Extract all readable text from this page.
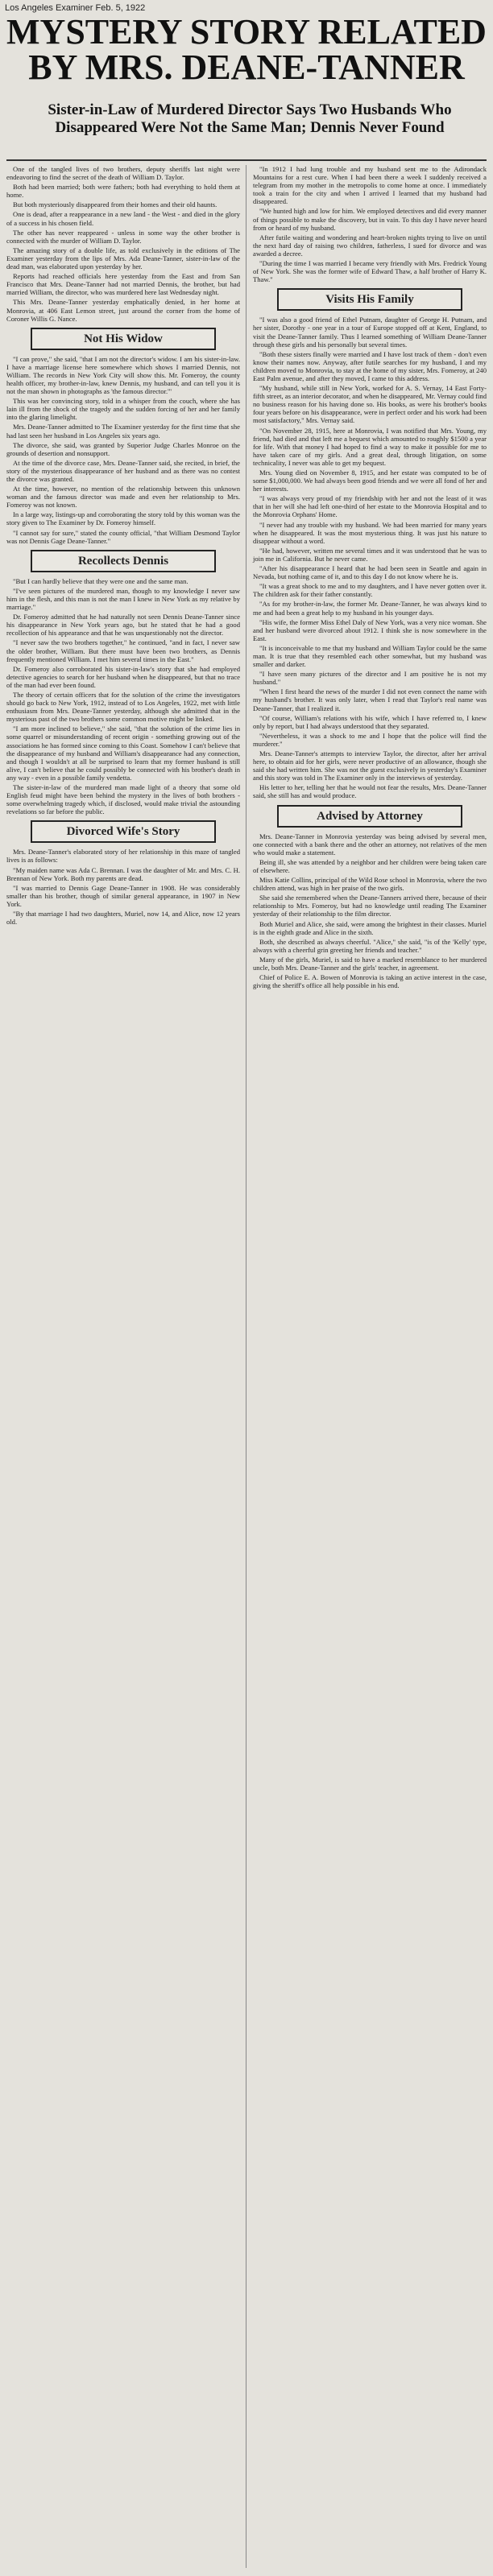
Los Angeles Examiner Feb. 5, 1922
MYSTERY STORY RELATED BY MRS. DEANE-TANNER
Sister-in-Law of Murdered Director Says Two Husbands Who Disappeared Were Not the Same Man; Dennis Never Found

One of the tangled lives of two brothers, deputy sheriffs last night were endeavoring to find the secret of the death of William D. Taylor.

Both had been married; both were fathers; both had everything to hold them at home.

But both mysteriously disappeared from their homes and their old haunts.

One is dead, after a reappearance in a new land - the West - and died in the glory of a success in his chosen field.

The other has never reappeared - unless in some way the other brother is connected with the murder of William D. Taylor.

The amazing story of a double life, as told exclusively in the editions of The Examiner yesterday from the lips of Mrs. Ada Deane-Tanner, sister-in-law of the dead man, was elaborated upon yesterday by her.

Reports had reached officials here yesterday from the East and from San Francisco that Mrs. Deane-Tanner had not married Dennis, the brother, but had married William, the director, who was murdered here last Wednesday night.

This Mrs. Deane-Tanner yesterday emphatically denied, in her home at Monrovia, at 406 East Lemon street, just around the corner from the home of Coroner Willis G. Nance.

Not His Widow

"I can prove," she said, "that I am not the director's widow. I am his sister-in-law. I have a marriage license here somewhere which shows I married Dennis, not William. The records in New York City will show this. Mr. Fomeroy, the county health officer, my brother-in-law, knew Dennis, my husband, and can tell you it is not the man shown in photographs as 'the famous director.'"

This was her convincing story, told in a whisper from the couch, where she has lain ill from the shock of the tragedy and the sudden forcing of her and her family into the glaring limelight.

Mrs. Deane-Tanner admitted to The Examiner yesterday for the first time that she had last seen her husband in Los Angeles six years ago.

The divorce, she said, was granted by Superior Judge Charles Monroe on the grounds of desertion and nonsupport.

At the time of the divorce case, Mrs. Deane-Tanner said, she recited, in brief, the story of the mysterious disappearance of her husband and as there was no contest the divorce was granted.

At the time, however, no mention of the relationship between this unknown woman and the famous director was made and even her relationship to Mrs. Fomeroy was not known.

In a large way, listings-up and corroborating the story told by this woman was the story given to The Examiner by Dr. Fomeroy himself.

"I cannot say for sure," stated the county official, "that William Desmond Taylor was not Dennis Gage Deane-Tanner."

Recollects Dennis

"But I can hardly believe that they were one and the same man.

"I've seen pictures of the murdered man, though to my knowledge I never saw him in the flesh, and this man is not the man I knew in New York as my relative by marriage."

Dr. Fomeroy admitted that he had naturally not seen Dennis Deane-Tanner since his disappearance in New York years ago, but he stated that he had a good recollection of his appearance and that he was unquestionably not the director.

"I never saw the two brothers together," he continued, "and in fact, I never saw the older brother, William. But there must have been two brothers, as Dennis frequently mentioned William. I met him several times in the East."

Dr. Fomeroy also corroborated his sister-in-law's story that she had employed detective agencies to search for her husband when he disappeared, but that no trace of the man had ever been found.

The theory of certain officers that for the solution of the crime the investigators should go back to New York, 1912, instead of to Los Angeles, 1922, met with little enthusiasm from Mrs. Deane-Tanner yesterday, although she admitted that in the mysterious past of the two brothers some common motive might be linked.

"I am more inclined to believe," she said, "that the solution of the crime lies in some quarrel or misunderstanding of recent origin - something growing out of the associations he has formed since coming to this Coast. Somehow I can't believe that the disappearance of my husband and William's disappearance had any connection, and though I wouldn't at all be surprised to learn that my former husband is still alive, I can't believe that he could possibly be connected with his brother's death in any way - even in a possible family vendetta.

The sister-in-law of the murdered man made light of a theory that some old English feud might have been behind the mystery in the lives of both brothers - some overwhelming tragedy which, if disclosed, would make trivial the astounding revelations so far before the public.

Divorced Wife's Story

Mrs. Deane-Tanner's elaborated story of her relationship in this maze of tangled lives is as follows:

"My maiden name was Ada C. Brennan. I was the daughter of Mr. and Mrs. C. H. Brennan of New York. Both my parents are dead.

"I was married to Dennis Gage Deane-Tanner in 1908. He was considerably smaller than his brother, though of similar general appearance, in 1907 in New York.

"By that marriage I had two daughters, Muriel, now 14, and Alice, now 12 years old.

"In 1912 I had lung trouble and my husband sent me to the Adirondack Mountains for a rest cure. When I had been there a week I suddenly received a telegram from my mother in the metropolis to come home at once. I immediately took a train for the city and when I arrived I learned that my husband had disappeared.

"We hunted high and low for him. We employed detectives and did every manner of things possible to make the discovery, but in vain. To this day I have never heard from or heard of my husband.

After futile waiting and wondering and heart-broken nights trying to live on until the next hard day of raising two children, fatherless, I sued for divorce and was awarded a decree.

"During the time I was married I became very friendly with Mrs. Fredrick Young of New York. She was the former wife of Edward Thaw, a half brother of Harry K. Thaw."

Visits His Family

"I was also a good friend of Ethel Putnam, daughter of George H. Putnam, and her sister, Dorothy - one year in a tour of Europe stopped off at Kent, England, to visit the Deane-Tanner family. Thus I learned something of William Deane-Tanner through these girls and his personally but several times.

"Both these sisters finally were married and I have lost track of them - don't even know their names now. Anyway, after futile searches for my husband, I and my children moved to Monrovia, to stay at the home of my sister, Mrs. Fomeroy, at 240 East Palm avenue, and after they moved, I came to this address.

"My husband, while still in New York, worked for A. S. Vernay, 14 East Forty-fifth street, as an interior decorator, and when he disappeared, Mr. Vernay could find no business reason for his having done so. His books, as were his brother's books four years before on his disappearance, were in perfect order and his work had been most satisfactory," Mrs. Vernay said.

"On November 28, 1915, here at Monrovia, I was notified that Mrs. Young, my friend, had died and that left me a bequest which amounted to roughly $1500 a year for life. With that money I had hoped to find a way to make it possible for me to have taken care of my girls. And a great deal, through litigation, on some technicality, I never was able to get my bequest.

Mrs. Young died on November 8, 1915, and her estate was computed to be of some $1,000,000. We had always been good friends and we were all fond of her and her interests.

"I was always very proud of my friendship with her and not the least of it was that in her will she had left one-third of her estate to the Monrovia Hospital and to the Monrovia Orphans' Home.

"I never had any trouble with my husband. We had been married for many years when he disappeared. It was the most mysterious thing. It was just his nature to disappear without a word.

"He had, however, written me several times and it was understood that he was to join me in California. But he never came.

"After his disappearance I heard that he had been seen in Seattle and again in Nevada, but nothing came of it, and to this day I do not know where he is.

"It was a great shock to me and to my daughters, and I have never gotten over it. The children ask for their father constantly.

"As for my brother-in-law, the former Mr. Deane-Tanner, he was always kind to me and had been a great help to my husband in his younger days.

"His wife, the former Miss Ethel Daly of New York, was a very nice woman. She and her husband were divorced about 1912. I think she is now somewhere in the East.

"It is inconceivable to me that my husband and William Taylor could be the same man. It is true that they resembled each other somewhat, but my husband was smaller and darker.

"I have seen many pictures of the director and I am positive he is not my husband."

"When I first heard the news of the murder I did not even connect the name with my husband's brother. It was only later, when I read that Taylor's real name was Deane-Tanner, that I realized it.

"Of course, William's relations with his wife, which I have referred to, I knew only by report, but I had always understood that they separated.

"Nevertheless, it was a shock to me and I hope that the police will find the murderer."

Mrs. Deane-Tanner's attempts to interview Taylor, the director, after her arrival here, to obtain aid for her girls, were never productive of an allowance, though she said she had written him. She was not the guest exclusively in yesterday's Examiner and this story was told in The Examiner only in the interviews of yesterday.

His letter to her, telling her that he would not fear the results, Mrs. Deane-Tanner said, she still has and would produce.

Advised by Attorney

Mrs. Deane-Tanner in Monrovia yesterday was being advised by several men, one connected with a bank there and the other an attorney, not relatives of the men who would make a statement.

Being ill, she was attended by a neighbor and her children were being taken care of elsewhere.

Miss Katie Collins, principal of the Wild Rose school in Monrovia, where the two children attend, was high in her praise of the two girls.

She said she remembered when the Deane-Tanners arrived there, because of their relationship to Mrs. Fomeroy, but had no knowledge until reading The Examiner yesterday of their relationship to the film director.

Both Muriel and Alice, she said, were among the brightest in their classes. Muriel is in the eighth grade and Alice in the sixth.

Both, she described as always cheerful. "Alice," she said, "is of the 'Kelly' type, always with a cheerful grin greeting her friends and teacher."

Many of the girls, Muriel, is said to have a marked resemblance to her murdered uncle, both Mrs. Deane-Tanner and the girls' teacher, in agreement.

Chief of Police E. A. Bowen of Monrovia is taking an active interest in the case, giving the sheriff's office all help possible in his end.
